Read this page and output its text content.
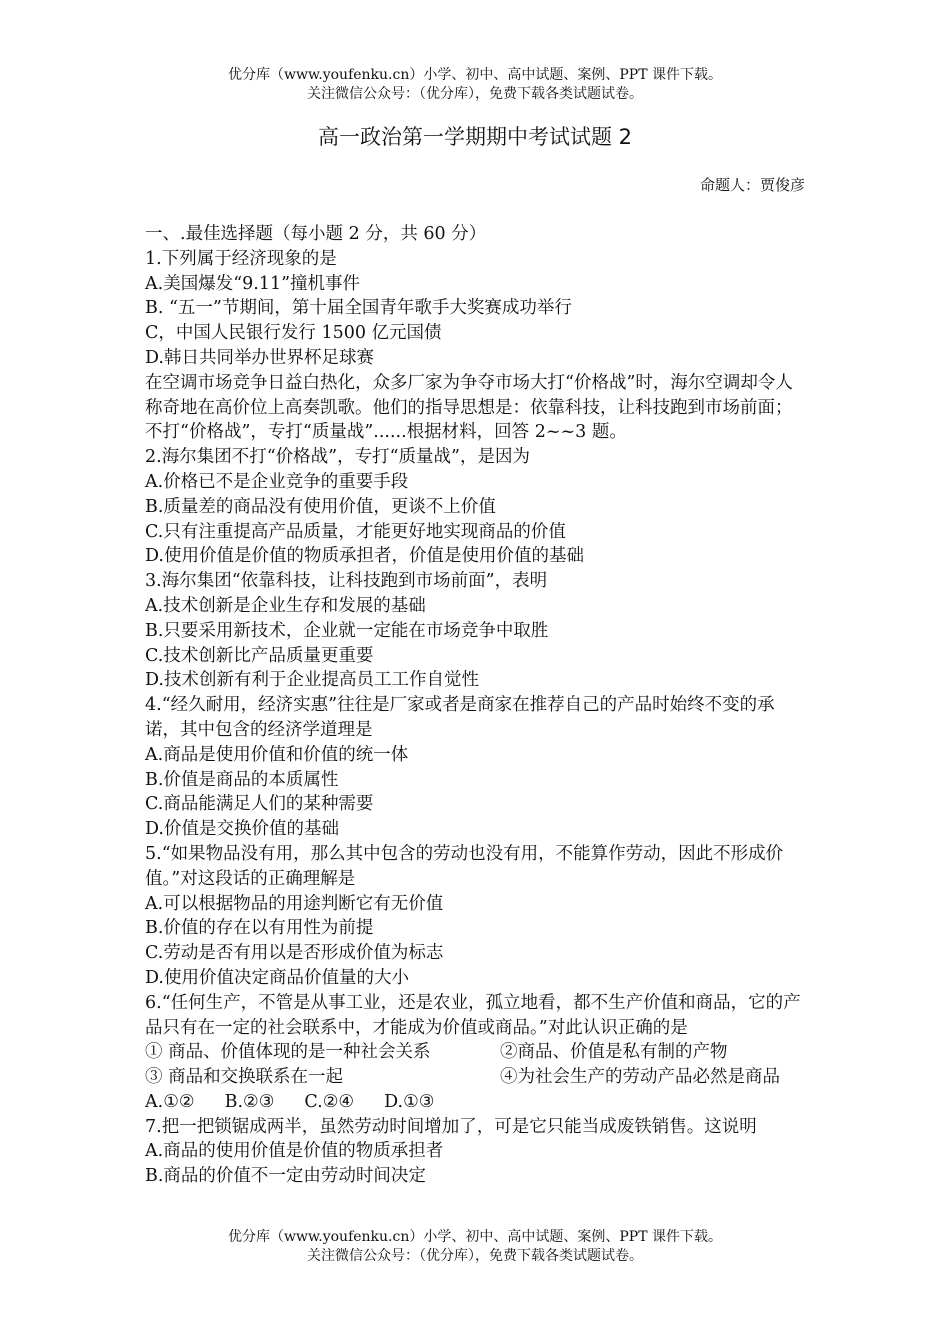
优分库（www.youfenku.cn）小学、初中、高中试题、案例、PPT 课件下载。
关注微信公众号：（优分库），免费下载各类试题试卷。
高一政治第一学期期中考试试题 2
命题人：贾俊彦

一、.最佳选择题（每小题 2 分，共 60 分）

1.下列属于经济现象的是

A.美国爆发“9.11”撞机事件

B. “五一”节期间，第十届全国青年歌手大奖赛成功举行

C，中国人民银行发行 1500 亿元国债

D.韩日共同举办世界杯足球赛

在空调市场竞争日益白热化，众多厂家为争夺市场大打“价格战”时，海尔空调却令人称奇地在高价位上高奏凯歌。他们的指导思想是：依靠科技，让科技跑到市场前面；不打“价格战”，专打“质量战”......根据材料，回答 2~~3 题。

2.海尔集团不打“价格战”，专打“质量战”，是因为

A.价格已不是企业竞争的重要手段

B.质量差的商品没有使用价值，更谈不上价值

C.只有注重提高产品质量，才能更好地实现商品的价值

D.使用价值是价值的物质承担者，价值是使用价值的基础

3.海尔集团“依靠科技，让科技跑到市场前面”，表明

A.技术创新是企业生存和发展的基础

B.只要采用新技术，企业就一定能在市场竞争中取胜

C.技术创新比产品质量更重要

D.技术创新有利于企业提高员工工作自觉性

4.“经久耐用，经济实惠”往往是厂家或者是商家在推荐自己的产品时始终不变的承诺，其中包含的经济学道理是

A.商品是使用价值和价值的统一体

B.价值是商品的本质属性

C.商品能满足人们的某种需要

D.价值是交换价值的基础

5.“如果物品没有用，那么其中包含的劳动也没有用，不能算作劳动，因此不形成价值。”对这段话的正确理解是

A.可以根据物品的用途判断它有无价值

B.价值的存在以有用性为前提

C.劳动是否有用以是否形成价值为标志

D.使用价值决定商品价值量的大小

6.“任何生产，不管是从事工业，还是农业，孤立地看，都不生产价值和商品，它的产品只有在一定的社会联系中，才能成为价值或商品。”对此认识正确的是

① 商品、价值体现的是一种社会关系	②商品、价值是私有制的产物
③ 商品和交换联系在一起	④为社会生产的劳动产品必然是商品
A.①② B.②③ C.②④ D.①③

7.把一把锁锯成两半，虽然劳动时间增加了，可是它只能当成废铁销售。这说明

A.商品的使用价值是价值的物质承担者

B.商品的价值不一定由劳动时间决定

优分库（www.youfenku.cn）小学、初中、高中试题、案例、PPT 课件下载。
关注微信公众号：（优分库），免费下载各类试题试卷。
